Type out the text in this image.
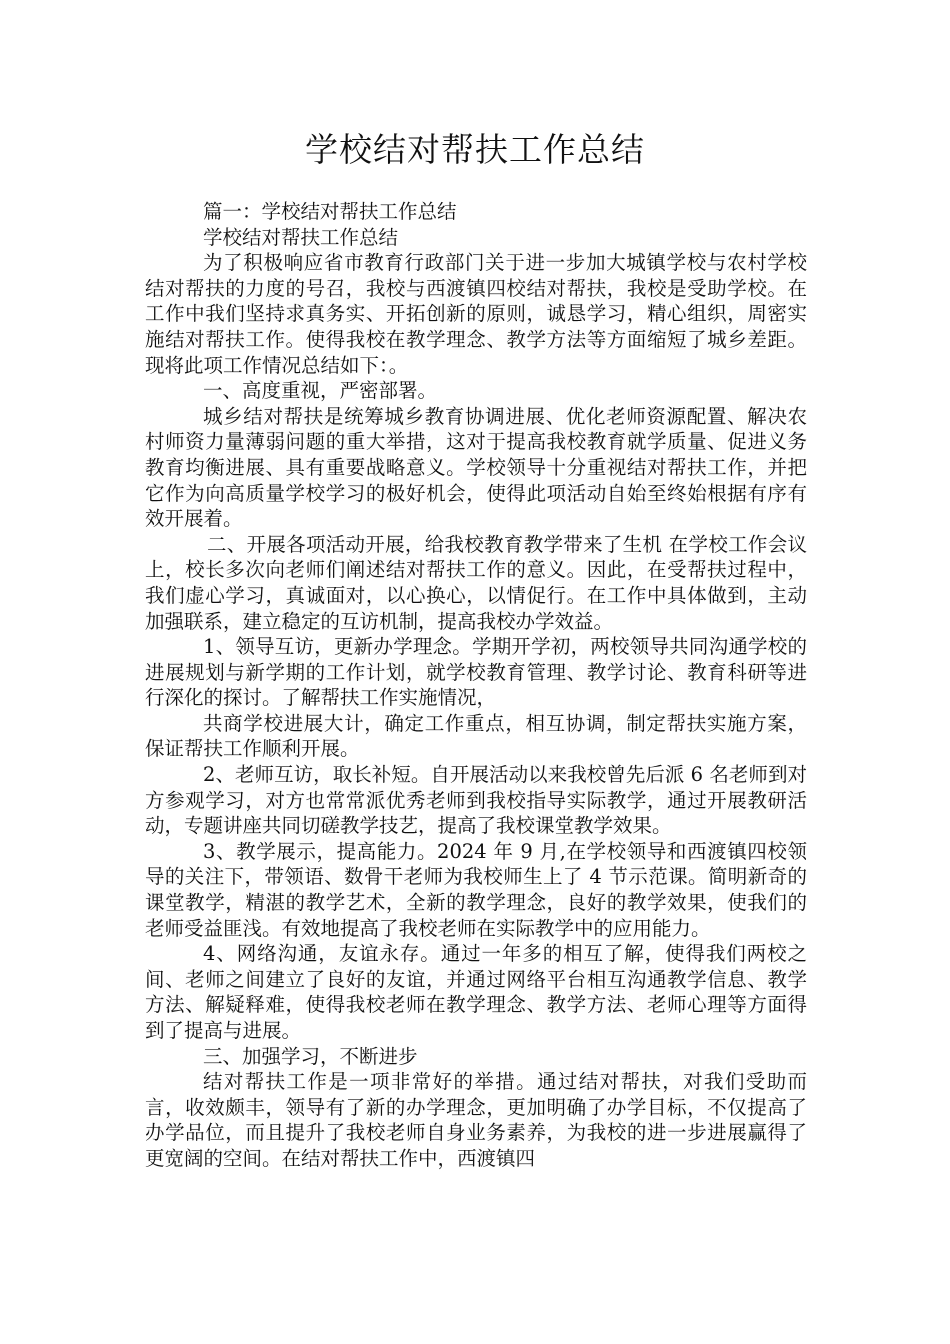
学校结对帮扶工作总结

篇一：学校结对帮扶工作总结

学校结对帮扶工作总结

为了积极响应省市教育行政部门关于进一步加大城镇学校与农村学校结对帮扶的力度的号召，我校与西渡镇四校结对帮扶，我校是受助学校。在工作中我们坚持求真务实、开拓创新的原则，诚恳学习，精心组织，周密实施结对帮扶工作。使得我校在教学理念、教学方法等方面缩短了城乡差距。现将此项工作情况总结如下：。

一、高度重视，严密部署。

城乡结对帮扶是统筹城乡教育协调进展、优化老师资源配置、解决农村师资力量薄弱问题的重大举措，这对于提高我校教育就学质量、促进义务教育均衡进展、具有重要战略意义。学校领导十分重视结对帮扶工作，并把它作为向高质量学校学习的极好机会，使得此项活动自始至终始根据有序有效开展着。

二、开展各项活动开展，给我校教育教学带来了生机 在学校工作会议上，校长多次向老师们阐述结对帮扶工作的意义。因此，在受帮扶过程中，我们虚心学习，真诚面对，以心换心，以情促行。在工作中具体做到，主动加强联系，建立稳定的互访机制，提高我校办学效益。

1、领导互访，更新办学理念。学期开学初，两校领导共同沟通学校的进展规划与新学期的工作计划，就学校教育管理、教学讨论、教育科研等进行深化的探讨。了解帮扶工作实施情况，

共商学校进展大计，确定工作重点，相互协调，制定帮扶实施方案，保证帮扶工作顺利开展。

2、老师互访，取长补短。自开展活动以来我校曾先后派 6 名老师到对方参观学习，对方也常常派优秀老师到我校指导实际教学，通过开展教研活动，专题讲座共同切磋教学技艺，提高了我校课堂教学效果。

3、教学展示，提高能力。2024 年 9 月,在学校领导和西渡镇四校领导的关注下，带领语、数骨干老师为我校师生上了 4 节示范课。简明新奇的课堂教学，精湛的教学艺术，全新的教学理念，良好的教学效果，使我们的老师受益匪浅。有效地提高了我校老师在实际教学中的应用能力。

4、网络沟通，友谊永存。通过一年多的相互了解，使得我们两校之间、老师之间建立了良好的友谊，并通过网络平台相互沟通教学信息、教学方法、解疑释难，使得我校老师在教学理念、教学方法、老师心理等方面得到了提高与进展。

三、加强学习，不断进步

结对帮扶工作是一项非常好的举措。通过结对帮扶，对我们受助而言，收效颇丰，领导有了新的办学理念，更加明确了办学目标，不仅提高了办学品位，而且提升了我校老师自身业务素养，为我校的进一步进展赢得了更宽阔的空间。在结对帮扶工作中，西渡镇四
